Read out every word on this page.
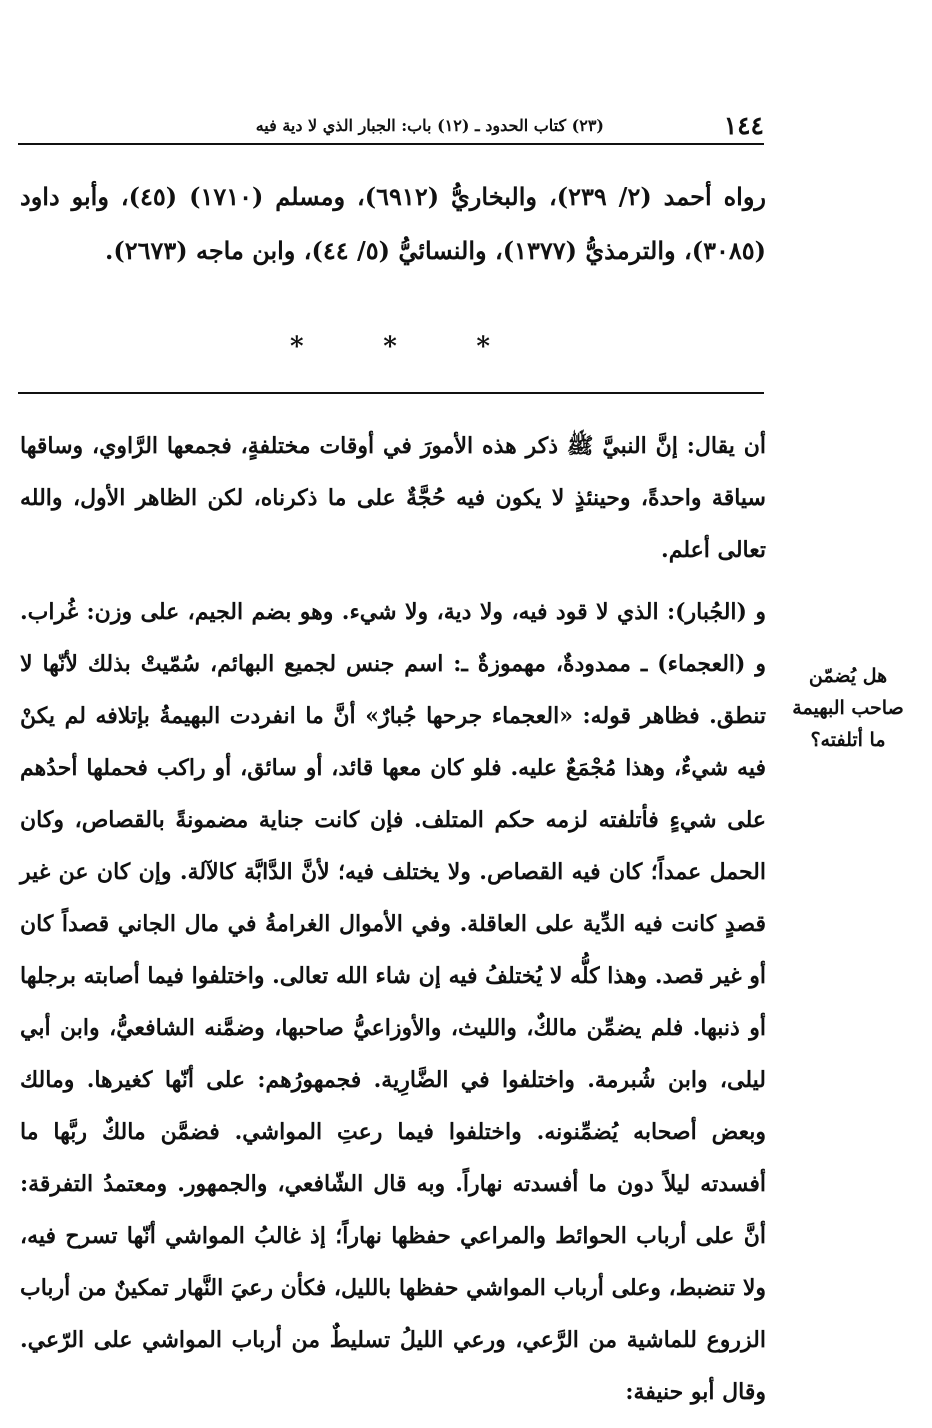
١٤٤
(٢٣) كتاب الحدود ـ (١٢) باب: الجبار الذي لا دية فيه
رواه أحمد (٢/ ٢٣٩)، والبخاريُّ (٦٩١٢)، ومسلم (١٧١٠) (٤٥)، وأبو داود (٣٠٨٥)، والترمذيُّ (١٣٧٧)، والنسائيُّ (٥/ ٤٤)، وابن ماجه (٢٦٧٣).
*	*	*

أن يقال: إنَّ النبيَّ ﷺ ذكر هذه الأمورَ في أوقات مختلفةٍ، فجمعها الرَّاوي، وساقها سياقة واحدةً، وحينئذٍ لا يكون فيه حُجَّةٌ على ما ذكرناه، لكن الظاهر الأول، والله تعالى أعلم.

و (الجُبار): الذي لا قود فيه، ولا دية، ولا شيء. وهو بضم الجيم، على وزن: غُراب. و (العجماء) ـ ممدودةٌ، مهموزةٌ ـ: اسم جنس لجميع البهائم، سُمّيتْ بذلك لأنّها لا تنطق. فظاهر قوله: «العجماء جرحها جُبارٌ» أنَّ ما انفردت البهيمةُ بإتلافه لم يكنْ فيه شيءٌ، وهذا مُجْمَعٌ عليه. فلو كان معها قائد، أو سائق، أو راكب فحملها أحدُهم على شيءٍ فأتلفته لزمه حكم المتلف. فإن كانت جناية مضمونةً بالقصاص، وكان الحمل عمداً؛ كان فيه القصاص. ولا يختلف فيه؛ لأنَّ الدَّابَّة كالآلة. وإن كان عن غير قصدٍ كانت فيه الدِّية على العاقلة. وفي الأموال الغرامةُ في مال الجاني قصداً كان أو غير قصد. وهذا كلُّه لا يُختلفُ فيه إن شاء الله تعالى. واختلفوا فيما أصابته برجلها أو ذنبها. فلم يضمِّن مالكٌ، والليث، والأوزاعيُّ صاحبها، وضمَّنه الشافعيُّ، وابن أبي ليلى، وابن شُبرمة. واختلفوا في الضَّارِية. فجمهورُهم: على أنّها كغيرها. ومالك وبعض أصحابه يُضمِّنونه. واختلفوا فيما رعتِ المواشي. فضمَّن مالكٌ ربَّها ما أفسدته ليلاً دون ما أفسدته نهاراً. وبه قال الشّافعي، والجمهور. ومعتمدُ التفرقة: أنَّ على أرباب الحوائط والمراعي حفظها نهاراً؛ إذ غالبُ المواشي أنّها تسرح فيه، ولا تنضبط، وعلى أرباب المواشي حفظها بالليل، فكأن رعيَ النَّهار تمكينٌ من أرباب الزروع للماشية من الرَّعي، ورعي الليلُ تسليطٌ من أرباب المواشي على الرّعي. وقال أبو حنيفة:

هل يُضمّن صاحب البهيمة ما أتلفته؟
